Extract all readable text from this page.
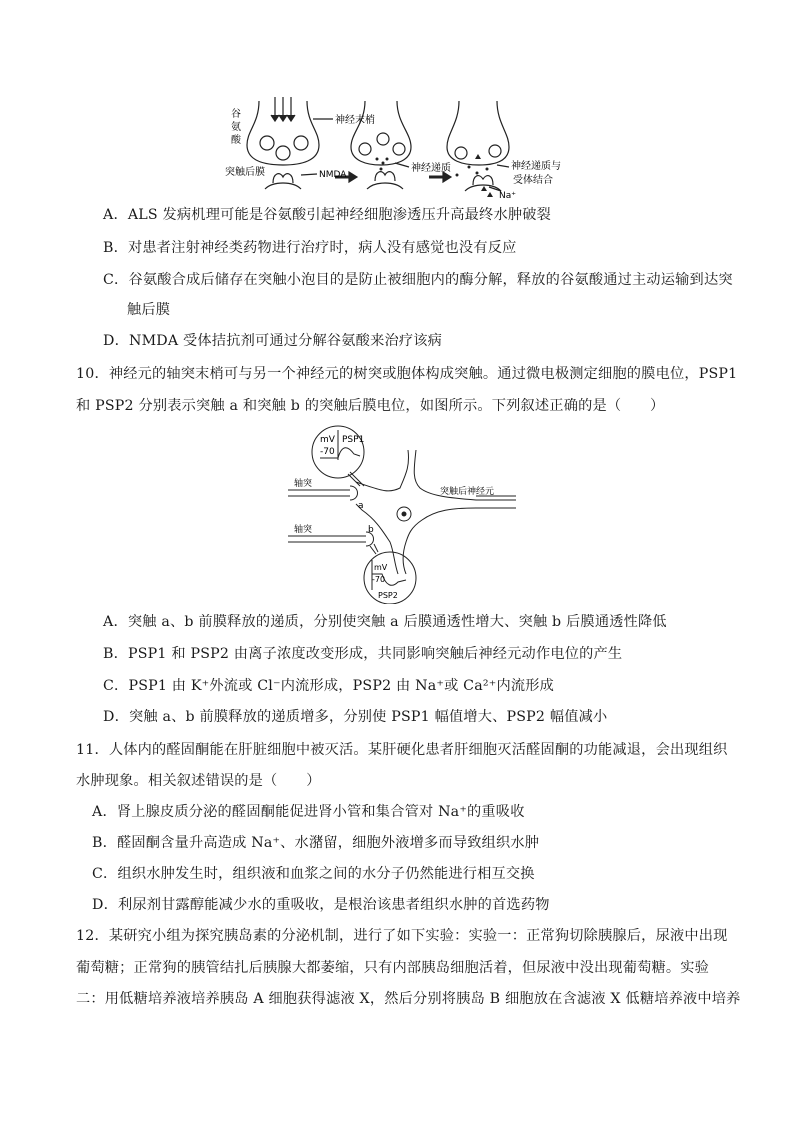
谷
氨
酸
神经末梢
突触后膜	NMDA
神经递质	神经递质与
受体结合
Na⁺
A．ALS 发病机理可能是谷氨酸引起神经细胞渗透压升高最终水肿破裂
B．对患者注射神经类药物进行治疗时，病人没有感觉也没有反应
C．谷氨酸合成后储存在突触小泡目的是防止被细胞内的酶分解，释放的谷氨酸通过主动运输到达突
触后膜
D．NMDA 受体拮抗剂可通过分解谷氨酸来治疗该病
10．神经元的轴突末梢可与另一个神经元的树突或胞体构成突触。通过微电极测定细胞的膜电位，PSP1
和 PSP2 分别表示突触 a 和突触 b 的突触后膜电位，如图所示。下列叙述正确的是（　　）
mV
-70
PSP1
轴突
a
轴突	b
突触后神经元
mV
-70
PSP2
A．突触 a、b 前膜释放的递质，分别使突触 a 后膜通透性增大、突触 b 后膜通透性降低
B．PSP1 和 PSP2 由离子浓度改变形成，共同影响突触后神经元动作电位的产生
C．PSP1 由 K⁺外流或 Cl⁻内流形成，PSP2 由 Na⁺或 Ca²⁺内流形成
D．突触 a、b 前膜释放的递质增多，分别使 PSP1 幅值增大、PSP2 幅值减小
11．人体内的醛固酮能在肝脏细胞中被灭活。某肝硬化患者肝细胞灭活醛固酮的功能减退，会出现组织
水肿现象。相关叙述错误的是（　　）
A．肾上腺皮质分泌的醛固酮能促进肾小管和集合管对 Na⁺的重吸收
B．醛固酮含量升高造成 Na⁺、水潴留，细胞外液增多而导致组织水肿
C．组织水肿发生时，组织液和血浆之间的水分子仍然能进行相互交换
D．利尿剂甘露醇能减少水的重吸收，是根治该患者组织水肿的首选药物
12．某研究小组为探究胰岛素的分泌机制，进行了如下实验：实验一：正常狗切除胰腺后，尿液中出现
葡萄糖；正常狗的胰管结扎后胰腺大都萎缩，只有内部胰岛细胞活着，但尿液中没出现葡萄糖。实验
二：用低糖培养液培养胰岛 A 细胞获得滤液 X，然后分别将胰岛 B 细胞放在含滤液 X 低糖培养液中培养
